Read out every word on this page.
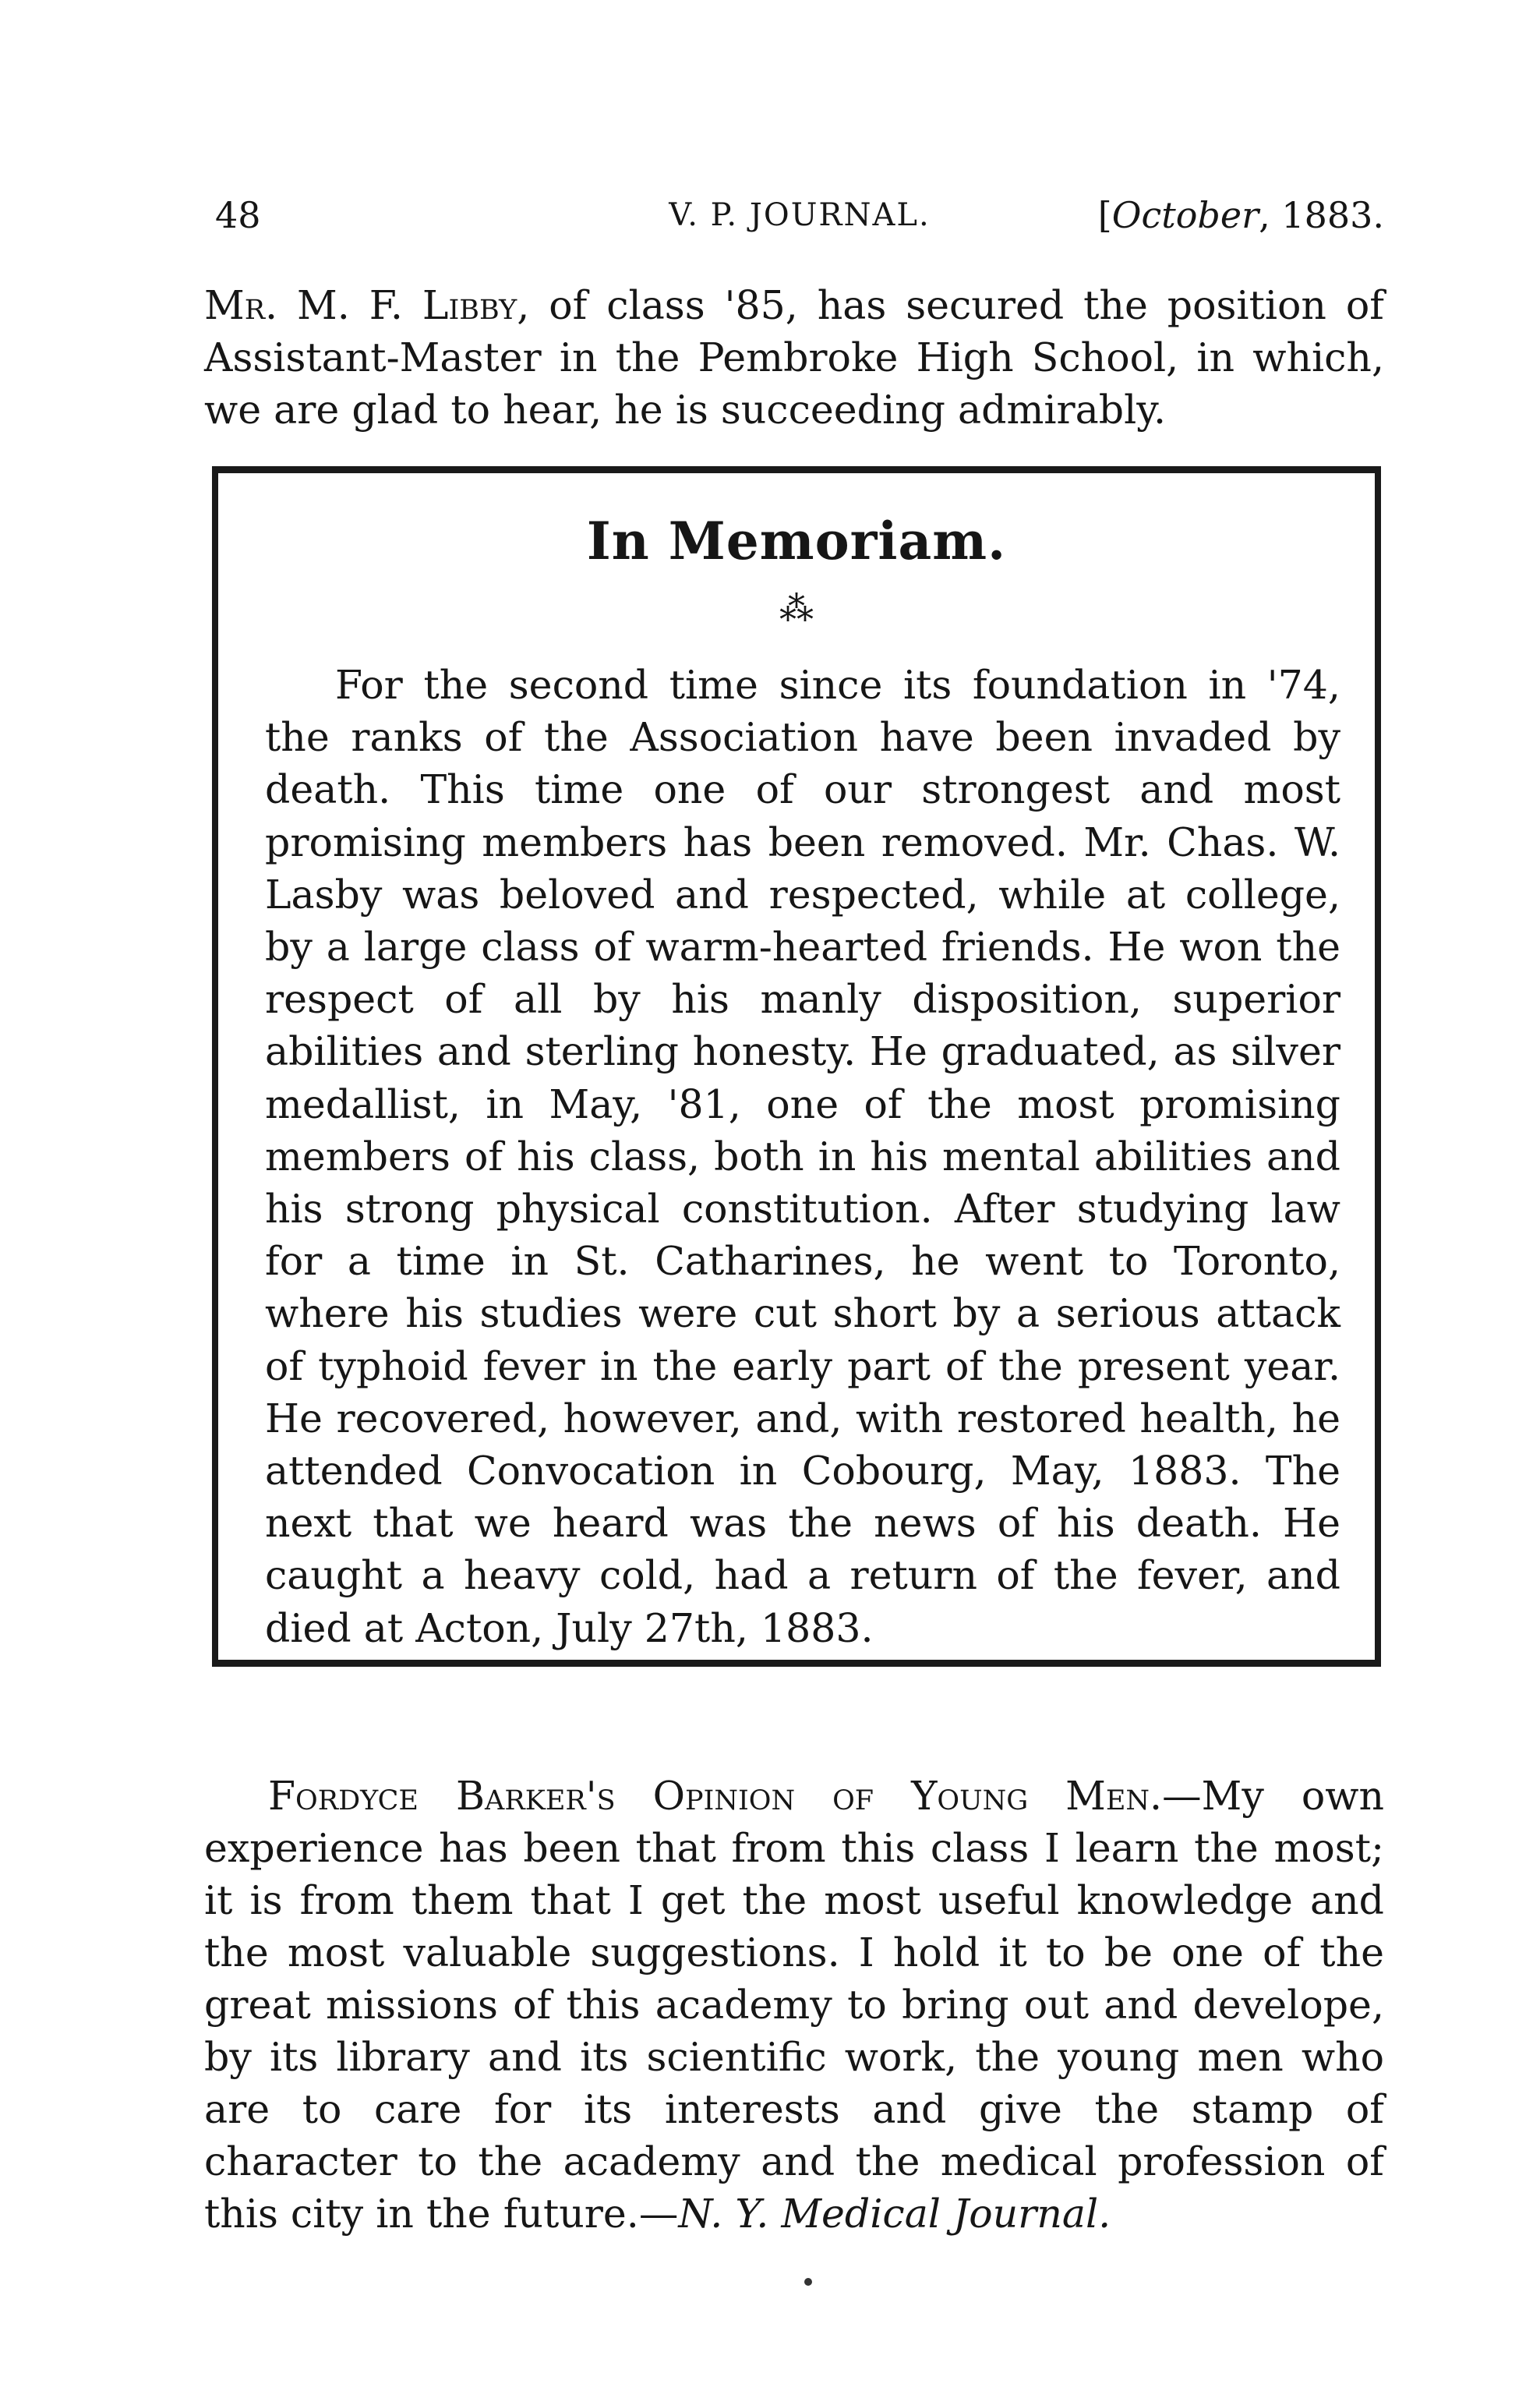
48	V. P. JOURNAL.	[October, 1883.

Mr. M. F. Libby, of class '85, has secured the position of Assistant-Master in the Pembroke High School, in which, we are glad to hear, he is succeeding admirably.

In Memoriam.
⁂

For the second time since its foundation in '74, the ranks of the Association have been invaded by death. This time one of our strongest and most promising members has been removed. Mr. Chas. W. Lasby was beloved and respected, while at college, by a large class of warm-hearted friends. He won the respect of all by his manly disposition, superior abilities and sterling honesty. He graduated, as silver medallist, in May, '81, one of the most promising members of his class, both in his mental abilities and his strong physical constitution. After studying law for a time in St. Catharines, he went to Toronto, where his studies were cut short by a serious attack of typhoid fever in the early part of the present year. He recovered, however, and, with restored health, he attended Convocation in Cobourg, May, 1883. The next that we heard was the news of his death. He caught a heavy cold, had a return of the fever, and died at Acton, July 27th, 1883.

Fordyce Barker's Opinion of Young Men.—My own experience has been that from this class I learn the most; it is from them that I get the most useful knowledge and the most valuable suggestions. I hold it to be one of the great missions of this academy to bring out and develope, by its library and its scientific work, the young men who are to care for its interests and give the stamp of character to the academy and the medical profession of this city in the future.—N. Y. Medical Journal.
